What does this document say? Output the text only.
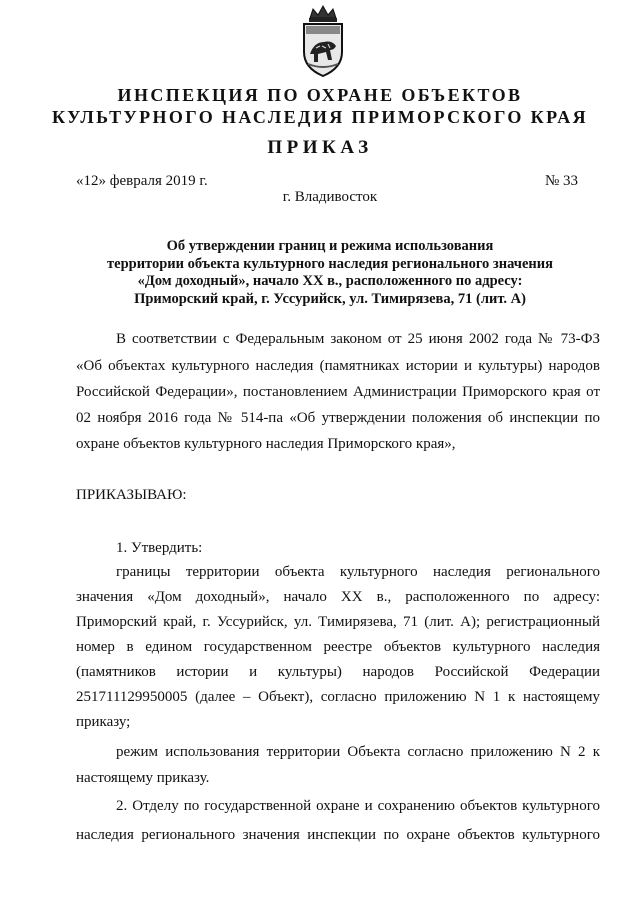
ИНСПЕКЦИЯ ПО ОХРАНЕ ОБЪЕКТОВ
КУЛЬТУРНОГО НАСЛЕДИЯ ПРИМОРСКОГО КРАЯ
ПРИКАЗ
«12» февраля 2019 г.	№ 33
г. Владивосток
Об утверждении границ и режима использования
территории объекта культурного наследия регионального значения
«Дом доходный», начало XX в., расположенного по адресу:
Приморский край, г. Уссурийск, ул. Тимирязева, 71 (лит. А)
В соответствии с Федеральным законом от 25 июня 2002 года № 73-ФЗ
«Об объектах культурного наследия (памятниках истории и культуры) народов
Российской Федерации», постановлением Администрации Приморского края от
02 ноября 2016 года № 514-па «Об утверждении положения об инспекции по
охране объектов культурного наследия Приморского края»,
ПРИКАЗЫВАЮ:
1. Утвердить:
границы территории объекта культурного наследия регионального
значения «Дом доходный», начало XX в., расположенного по адресу:
Приморский край, г. Уссурийск, ул. Тимирязева, 71 (лит. А); регистрационный
номер в едином государственном реестре объектов культурного наследия
(памятников истории и культуры) народов Российской Федерации
251711129950005 (далее – Объект), согласно приложению N 1 к настоящему
приказу;
режим использования территории Объекта согласно приложению N 2 к
настоящему приказу.
2. Отделу по государственной охране и сохранению объектов культурного
наследия регионального значения инспекции по охране объектов культурного
